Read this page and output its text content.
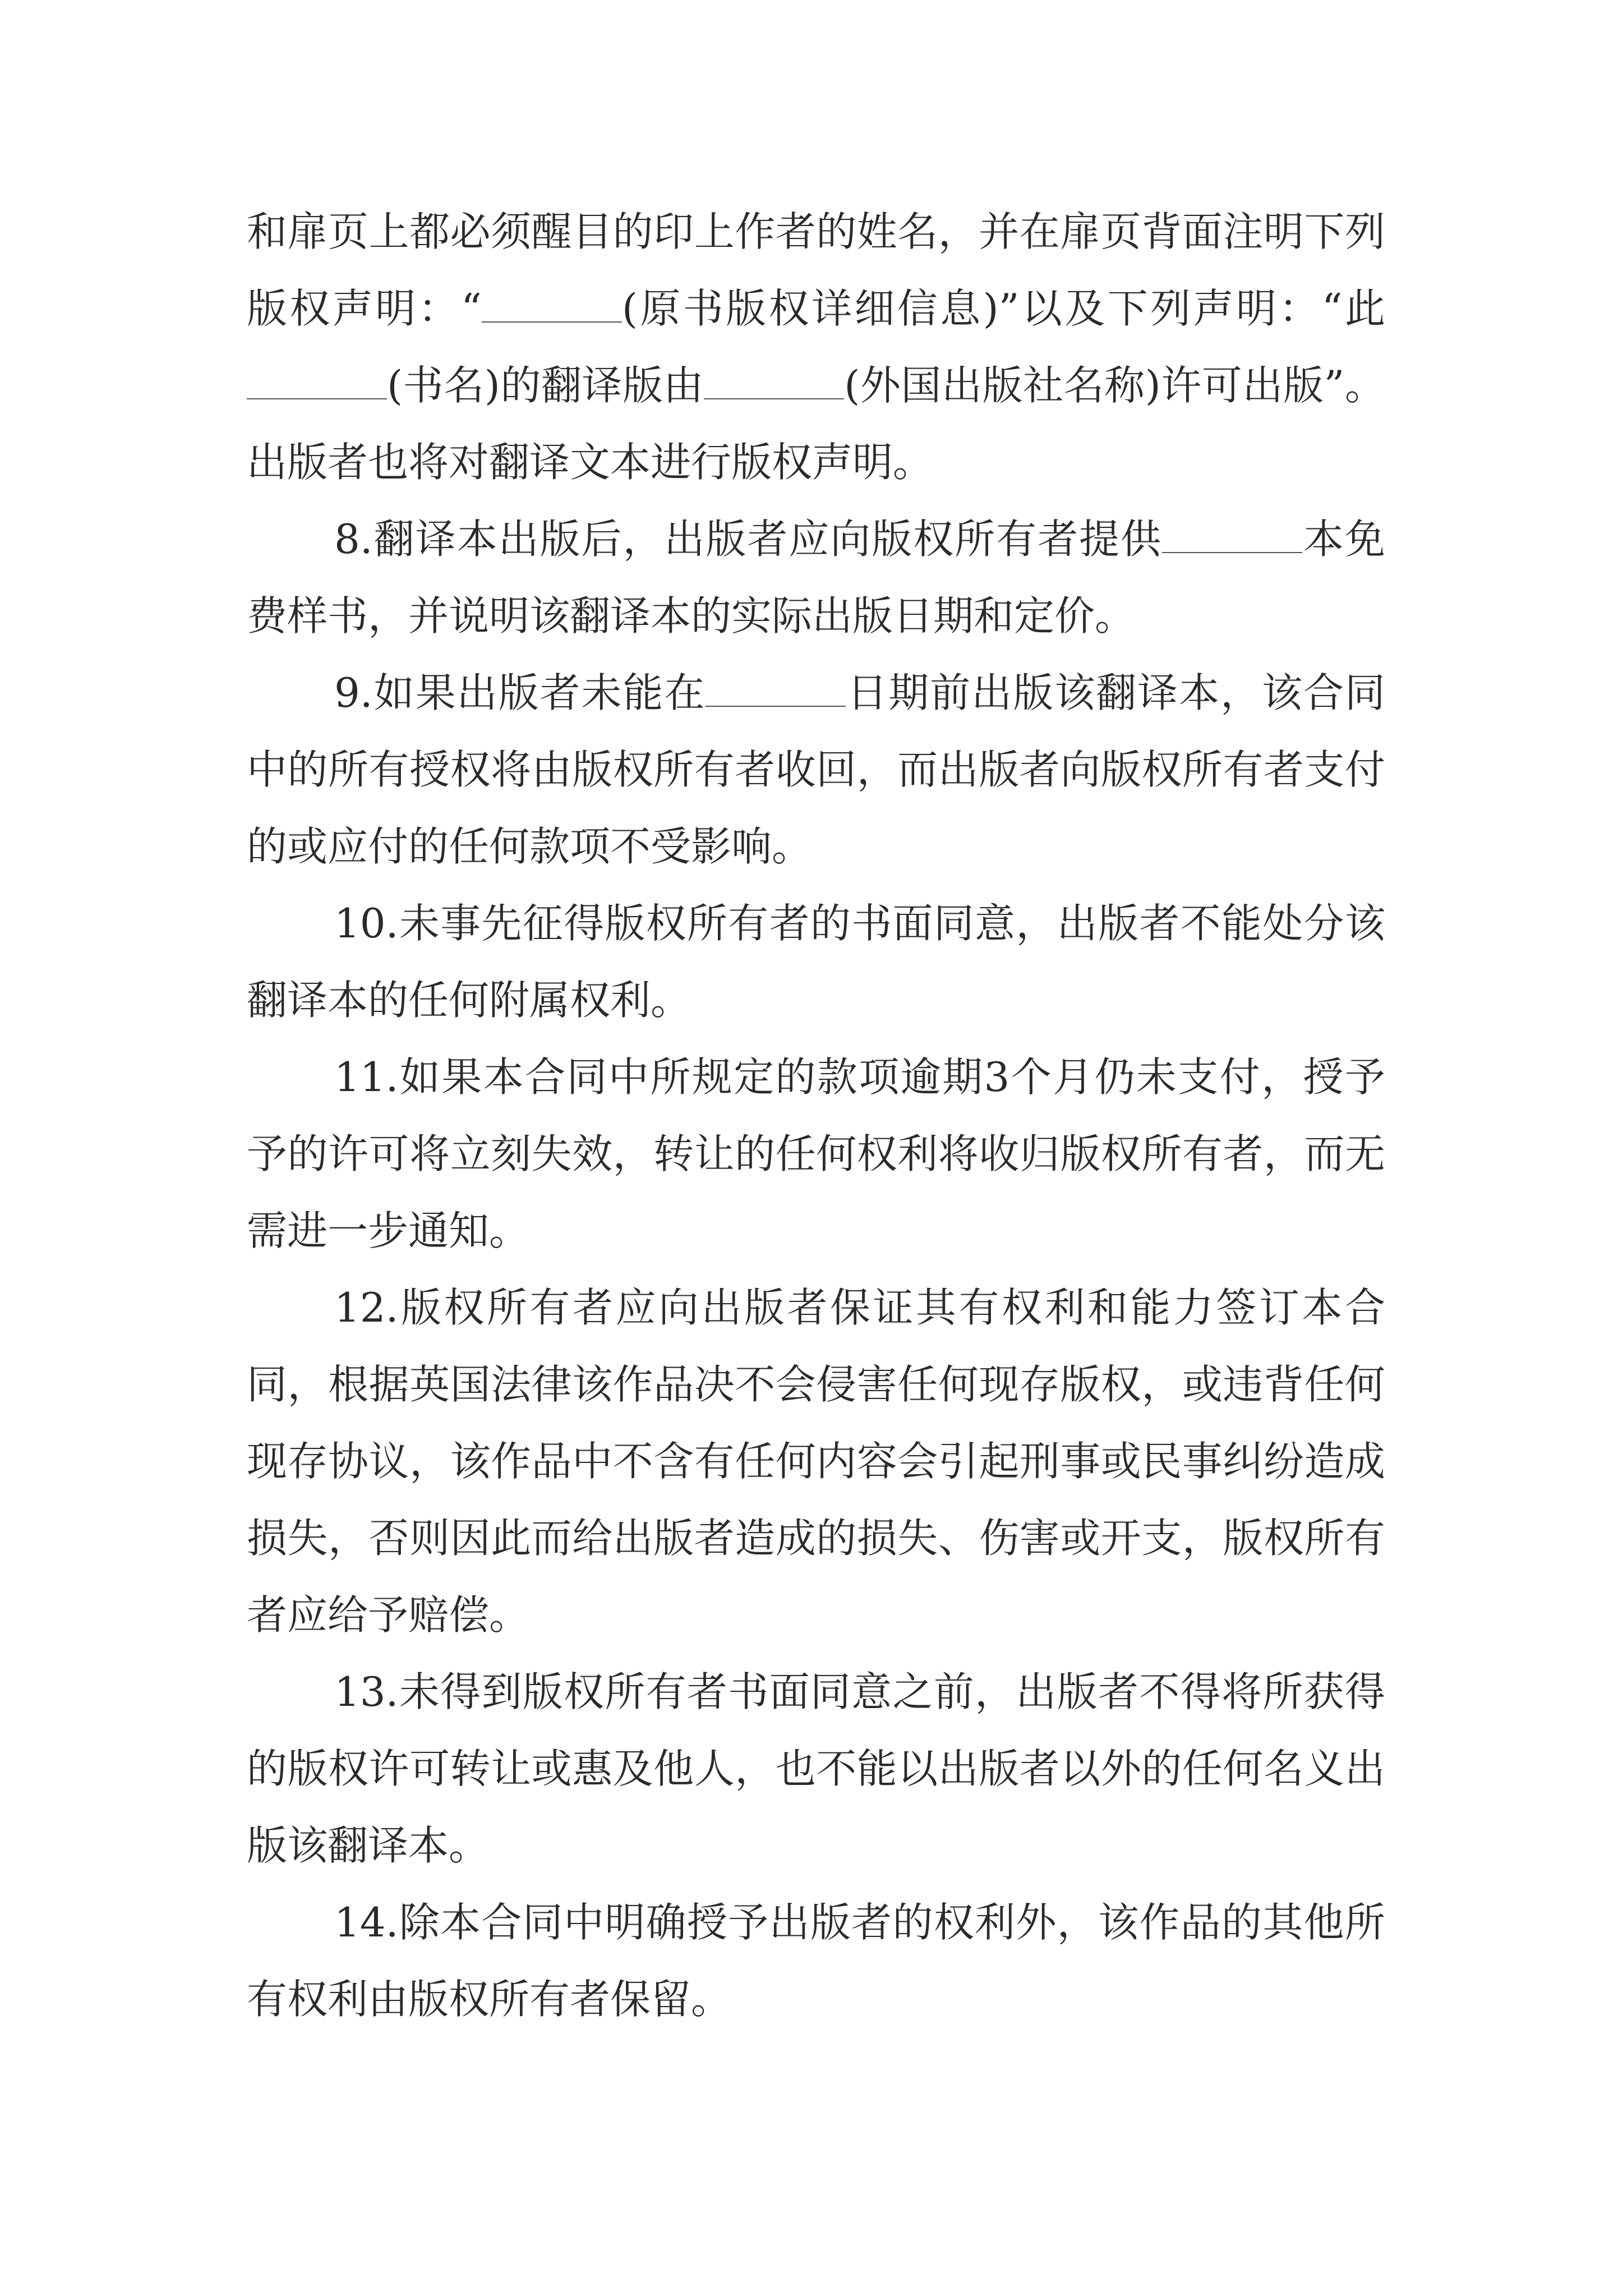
和扉页上都必须醒目的印上作者的姓名，并在扉页背面注明下列版权声明：“	(原书版权详细信息)”以及下列声明：“此(书名)的翻译版由	(外国出版社名称)许可出版”。出版者也将对翻译文本进行版权声明。

8.翻译本出版后，出版者应向版权所有者提供	本免费样书，并说明该翻译本的实际出版日期和定价。

9.如果出版者未能在	日期前出版该翻译本，该合同中的所有授权将由版权所有者收回，而出版者向版权所有者支付的或应付的任何款项不受影响。

10.未事先征得版权所有者的书面同意，出版者不能处分该翻译本的任何附属权利。

11.如果本合同中所规定的款项逾期3个月仍未支付，授予予的许可将立刻失效，转让的任何权利将收归版权所有者，而无需进一步通知。

12.版权所有者应向出版者保证其有权利和能力签订本合同，根据英国法律该作品决不会侵害任何现存版权，或违背任何现存协议，该作品中不含有任何内容会引起刑事或民事纠纷造成损失，否则因此而给出版者造成的损失、伤害或开支，版权所有者应给予赔偿。

13.未得到版权所有者书面同意之前，出版者不得将所获得的版权许可转让或惠及他人，也不能以出版者以外的任何名义出版该翻译本。

14.除本合同中明确授予出版者的权利外，该作品的其他所有权利由版权所有者保留。
